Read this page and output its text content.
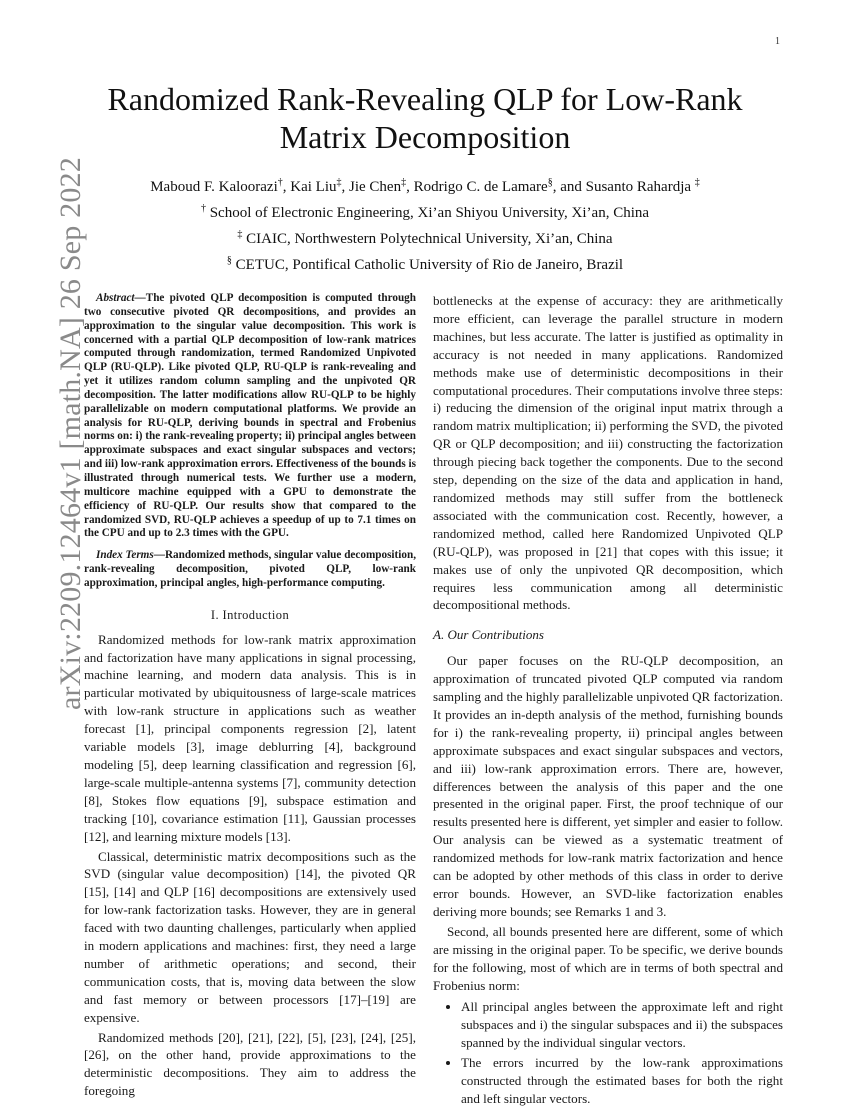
1
arXiv:2209.12464v1 [math.NA] 26 Sep 2022
Randomized Rank-Revealing QLP for Low-Rank
Matrix Decomposition
Maboud F. Kaloorazi†, Kai Liu‡, Jie Chen‡, Rodrigo C. de Lamare§, and Susanto Rahardja ‡
† School of Electronic Engineering, Xi’an Shiyou University, Xi’an, China
‡ CIAIC, Northwestern Polytechnical University, Xi’an, China
§ CETUC, Pontifical Catholic University of Rio de Janeiro, Brazil

Abstract—The pivoted QLP decomposition is computed through two consecutive pivoted QR decompositions, and provides an approximation to the singular value decomposition. This work is concerned with a partial QLP decomposition of low-rank matrices computed through randomization, termed Randomized Unpivoted QLP (RU-QLP). Like pivoted QLP, RU-QLP is rank-revealing and yet it utilizes random column sampling and the unpivoted QR decomposition. The latter modifications allow RU-QLP to be highly parallelizable on modern computational platforms. We provide an analysis for RU-QLP, deriving bounds in spectral and Frobenius norms on: i) the rank-revealing property; ii) principal angles between approximate subspaces and exact singular subspaces and vectors; and iii) low-rank approximation errors. Effectiveness of the bounds is illustrated through numerical tests. We further use a modern, multicore machine equipped with a GPU to demonstrate the efficiency of RU-QLP. Our results show that compared to the randomized SVD, RU-QLP achieves a speedup of up to 7.1 times on the CPU and up to 2.3 times with the GPU.

Index Terms—Randomized methods, singular value decomposition, rank-revealing decomposition, pivoted QLP, low-rank approximation, principal angles, high-performance computing.

I. Introduction

Randomized methods for low-rank matrix approximation and factorization have many applications in signal processing, machine learning, and modern data analysis. This is in particular motivated by ubiquitousness of large-scale matrices with low-rank structure in applications such as weather forecast [1], principal components regression [2], latent variable models [3], image deblurring [4], background modeling [5], deep learning classification and regression [6], large-scale multiple-antenna systems [7], community detection [8], Stokes flow equations [9], subspace estimation and tracking [10], covariance estimation [11], Gaussian processes [12], and learning mixture models [13].

Classical, deterministic matrix decompositions such as the SVD (singular value decomposition) [14], the pivoted QR [15], [14] and QLP [16] decompositions are extensively used for low-rank factorization tasks. However, they are in general faced with two daunting challenges, particularly when applied in modern applications and machines: first, they need a large number of arithmetic operations; and second, their communication costs, that is, moving data between the slow and fast memory or between processors [17]–[19] are expensive.

Randomized methods [20], [21], [22], [5], [23], [24], [25], [26], on the other hand, provide approximations to the deterministic decompositions. They aim to address the foregoing

bottlenecks at the expense of accuracy: they are arithmetically more efficient, can leverage the parallel structure in modern machines, but less accurate. The latter is justified as optimality in accuracy is not needed in many applications. Randomized methods make use of deterministic decompositions in their computational procedures. Their computations involve three steps: i) reducing the dimension of the original input matrix through a random matrix multiplication; ii) performing the SVD, the pivoted QR or QLP decomposition; and iii) constructing the factorization through piecing back together the components. Due to the second step, depending on the size of the data and application in hand, randomized methods may still suffer from the bottleneck associated with the communication cost. Recently, however, a randomized method, called here Randomized Unpivoted QLP (RU-QLP), was proposed in [21] that copes with this issue; it makes use of only the unpivoted QR decomposition, which requires less communication among all deterministic decompositional methods.

A. Our Contributions

Our paper focuses on the RU-QLP decomposition, an approximation of truncated pivoted QLP computed via random sampling and the highly parallelizable unpivoted QR factorization. It provides an in-depth analysis of the method, furnishing bounds for i) the rank-revealing property, ii) principal angles between approximate subspaces and exact singular subspaces and vectors, and iii) low-rank approximation errors. There are, however, differences between the analysis of this paper and the one presented in the original paper. First, the proof technique of our results presented here is different, yet simpler and easier to follow. Our analysis can be viewed as a systematic treatment of randomized methods for low-rank matrix factorization and hence can be adopted by other methods of this class in order to derive error bounds. However, an SVD-like factorization enables deriving more bounds; see Remarks 1 and 3.

Second, all bounds presented here are different, some of which are missing in the original paper. To be specific, we derive bounds for the following, most of which are in terms of both spectral and Frobenius norm:

• All principal angles between the approximate left and right subspaces and i) the singular subspaces and ii) the subspaces spanned by the individual singular vectors.
• The errors incurred by the low-rank approximations constructed through the estimated bases for both the right and left singular vectors.
